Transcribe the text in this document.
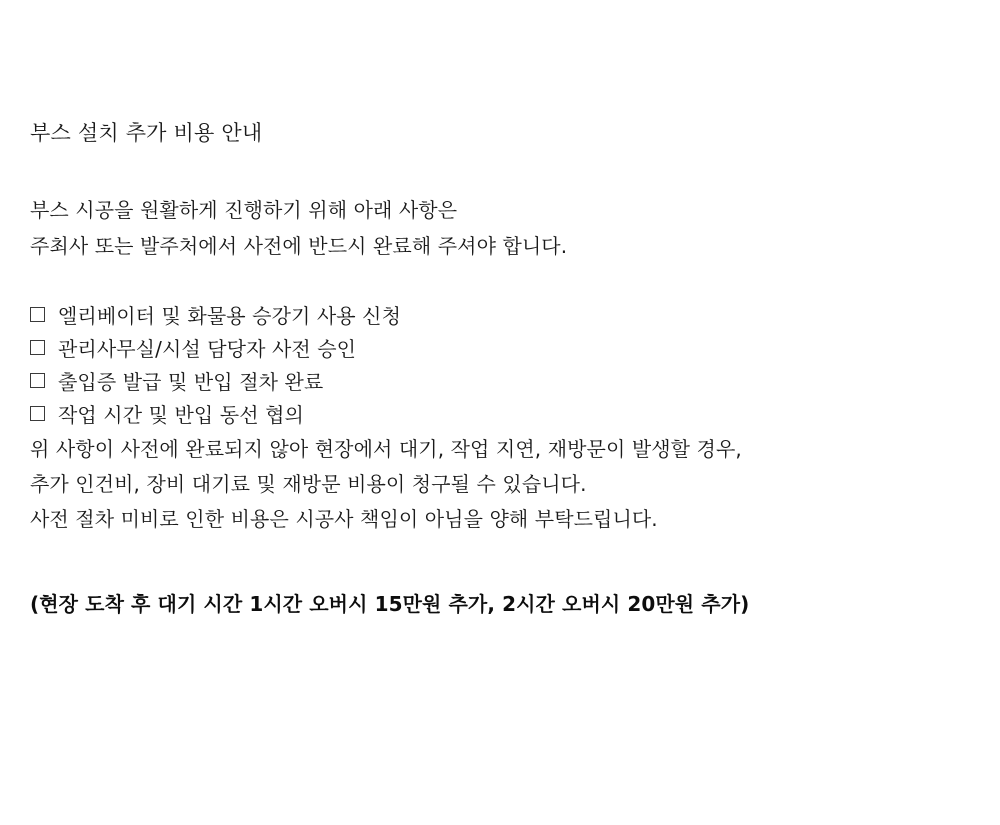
부스 설치 추가 비용 안내
부스 시공을 원활하게 진행하기 위해 아래 사항은
주최사 또는 발주처에서 사전에 반드시 완료해 주셔야 합니다.
엘리베이터 및 화물용 승강기 사용 신청
관리사무실/시설 담당자 사전 승인
출입증 발급 및 반입 절차 완료
작업 시간 및 반입 동선 협의
위 사항이 사전에 완료되지 않아 현장에서 대기, 작업 지연, 재방문이 발생할 경우,
추가 인건비, 장비 대기료 및 재방문 비용이 청구될 수 있습니다.
사전 절차 미비로 인한 비용은 시공사 책임이 아님을 양해 부탁드립니다.
(현장 도착 후 대기 시간 1시간 오버시 15만원 추가, 2시간 오버시 20만원 추가)
